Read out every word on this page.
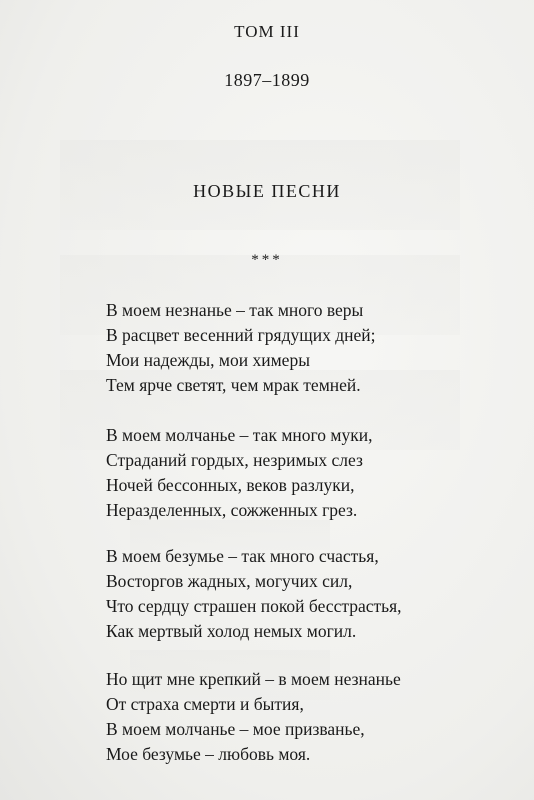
ТОМ III
1897–1899
НОВЫЕ ПЕСНИ
***
В моем незнанье – так много веры
В расцвет весенний грядущих дней;
Мои надежды, мои химеры
Тем ярче светят, чем мрак темней.
В моем молчанье – так много муки,
Страданий гордых, незримых слез
Ночей бессонных, веков разлуки,
Неразделенных, сожженных грез.
В моем безумье – так много счастья,
Восторгов жадных, могучих сил,
Что сердцу страшен покой бесстрастья,
Как мертвый холод немых могил.
Но щит мне крепкий – в моем незнанье
От страха смерти и бытия,
В моем молчанье – мое призванье,
Мое безумье – любовь моя.
